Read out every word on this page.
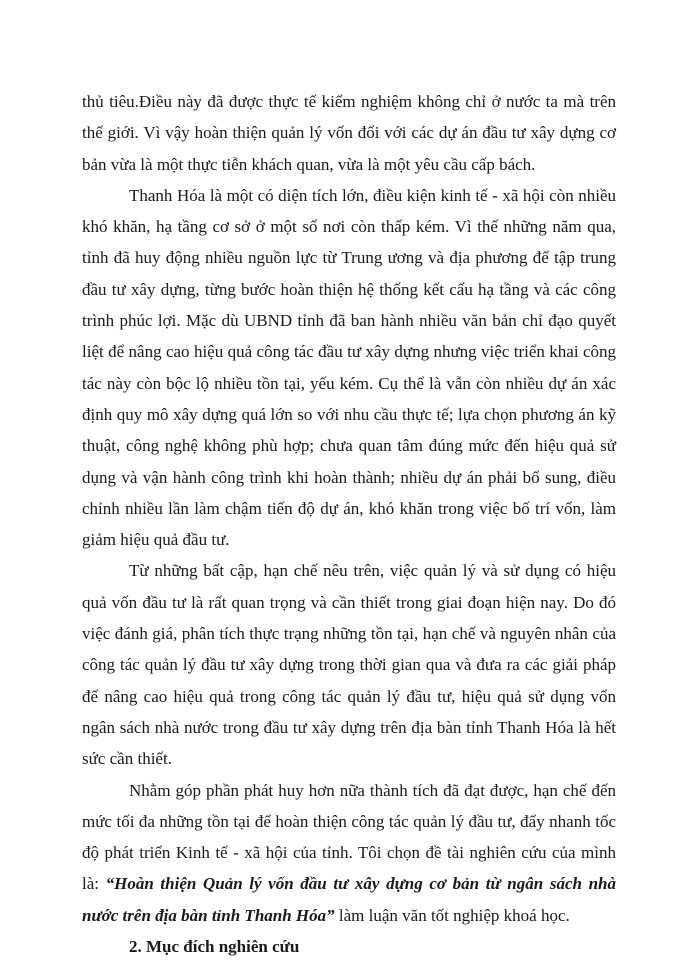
thủ tiêu.Điều này đã được thực tế kiểm nghiệm không chỉ ở nước ta mà trên thế giới. Vì vậy hoàn thiện quản lý vốn đối với các dự án đầu tư xây dựng cơ bản vừa là một thực tiễn khách quan, vừa là một yêu cầu cấp bách.

Thanh Hóa là một có diện tích lớn, điều kiện kinh tế - xã hội còn nhiều khó khăn, hạ tầng cơ sở ở một số nơi còn thấp kém. Vì thế những năm qua, tỉnh đã huy động nhiều nguồn lực từ Trung ương và địa phương để tập trung đầu tư xây dựng, từng bước hoàn thiện hệ thống kết cấu hạ tầng và các công trình phúc lợi. Mặc dù UBND tỉnh đã ban hành nhiều văn bản chỉ đạo quyết liệt để nâng cao hiệu quả công tác đầu tư xây dựng nhưng việc triển khai công tác này còn bộc lộ nhiều tồn tại, yếu kém. Cụ thể là vẫn còn nhiều dự án xác định quy mô xây dựng quá lớn so với nhu cầu thực tế; lựa chọn phương án kỹ thuật, công nghệ không phù hợp; chưa quan tâm đúng mức đến hiệu quả sử dụng và vận hành công trình khi hoàn thành; nhiều dự án phải bổ sung, điều chỉnh nhiều lần làm chậm tiến độ dự án, khó khăn trong việc bố trí vốn, làm giảm hiệu quả đầu tư.

Từ những bất cập, hạn chế nêu trên, việc quản lý và sử dụng có hiệu quả vốn đầu tư là rất quan trọng và cần thiết trong giai đoạn hiện nay. Do đó việc đánh giá, phân tích thực trạng những tồn tại, hạn chế và nguyên nhân của công tác quản lý đầu tư xây dựng trong thời gian qua và đưa ra các giải pháp để nâng cao hiệu quả trong công tác quản lý đầu tư, hiệu quả sử dụng vốn ngân sách nhà nước trong đầu tư xây dựng trên địa bàn tỉnh Thanh Hóa là hết sức cần thiết.

Nhằm góp phần phát huy hơn nữa thành tích đã đạt được, hạn chế đến mức tối đa những tồn tại để hoàn thiện công tác quản lý đầu tư, đẩy nhanh tốc độ phát triển Kinh tế - xã hội của tỉnh. Tôi chọn đề tài nghiên cứu của mình là: “Hoàn thiện Quản lý vốn đầu tư xây dựng cơ bản từ ngân sách nhà nước trên địa bàn tỉnh Thanh Hóa” làm luận văn tốt nghiệp khoá học.

2. Mục đích nghiên cứu
